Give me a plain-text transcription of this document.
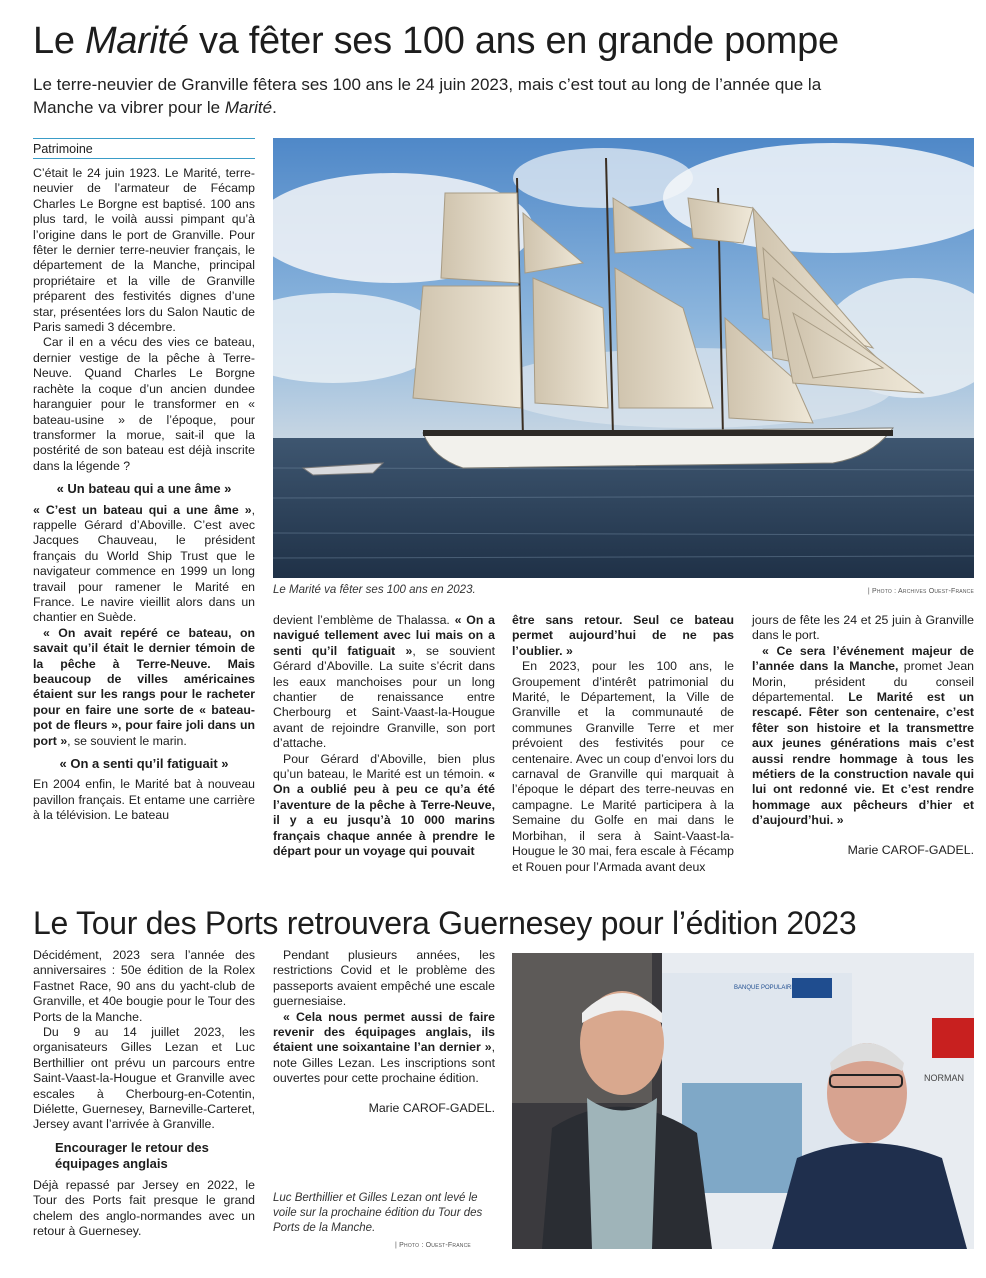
Le Marité va fêter ses 100 ans en grande pompe
Le terre-neuvier de Granville fêtera ses 100 ans le 24 juin 2023, mais c’est tout au long de l’année que la Manche va vibrer pour le Marité.
Patrimoine

C’était le 24 juin 1923. Le Marité, terre-neuvier de l’armateur de Fécamp Charles Le Borgne est baptisé. 100 ans plus tard, le voilà aussi pimpant qu’à l’origine dans le port de Granville. Pour fêter le dernier terre-neuvier français, le département de la Manche, principal propriétaire et la ville de Granville préparent des festivités dignes d’une star, présentées lors du Salon Nautic de Paris samedi 3 décembre.

Car il en a vécu des vies ce bateau, dernier vestige de la pêche à Terre-Neuve. Quand Charles Le Borgne rachète la coque d’un ancien dundee haranguier pour le transformer en « bateau-usine » de l’époque, pour transformer la morue, sait-il que la postérité de son bateau est déjà inscrite dans la légende ?

« Un bateau qui a une âme »

« C’est un bateau qui a une âme », rappelle Gérard d’Aboville. C’est avec Jacques Chauveau, le président français du World Ship Trust que le navigateur commence en 1999 un long travail pour ramener le Marité en France. Le navire vieillit alors dans un chantier en Suède.

« On avait repéré ce bateau, on savait qu’il était le dernier témoin de la pêche à Terre-Neuve. Mais beaucoup de villes américaines étaient sur les rangs pour le racheter pour en faire une sorte de « bateau-pot de fleurs », pour faire joli dans un port », se souvient le marin.

« On a senti qu’il fatiguait »

En 2004 enfin, le Marité bat à nouveau pavillon français. Et entame une carrière à la télévision. Le bateau

Le Marité va fêter ses 100 ans en 2023.	| Photo : Archives Ouest-France

devient l’emblème de Thalassa. « On a navigué tellement avec lui mais on a senti qu’il fatiguait », se souvient Gérard d’Aboville. La suite s’écrit dans les eaux manchoises pour un long chantier de renaissance entre Cherbourg et Saint-Vaast-la-Hougue avant de rejoindre Granville, son port d’attache.

Pour Gérard d’Aboville, bien plus qu’un bateau, le Marité est un témoin. « On a oublié peu à peu ce qu’a été l’aventure de la pêche à Terre-Neuve, il y a eu jusqu’à 10 000 marins français chaque année à prendre le départ pour un voyage qui pouvait

être sans retour. Seul ce bateau permet aujourd’hui de ne pas l’oublier. »

En 2023, pour les 100 ans, le Groupement d’intérêt patrimonial du Marité, le Département, la Ville de Granville et la communauté de communes Granville Terre et mer prévoient des festivités pour ce centenaire. Avec un coup d’envoi lors du carnaval de Granville qui marquait à l’époque le départ des terre-neuvas en campagne. Le Marité participera à la Semaine du Golfe en mai dans le Morbihan, il sera à Saint-Vaast-la-Hougue le 30 mai, fera escale à Fécamp et Rouen pour l’Armada avant deux

jours de fête les 24 et 25 juin à Granville dans le port.

« Ce sera l’événement majeur de l’année dans la Manche, promet Jean Morin, président du conseil départemental. Le Marité est un rescapé. Fêter son centenaire, c’est fêter son histoire et la transmettre aux jeunes générations mais c’est aussi rendre hommage à tous les métiers de la construction navale qui lui ont redonné vie. Et c’est rendre hommage aux pêcheurs d’hier et d’aujourd’hui. »

Marie CAROF-GADEL.

Le Tour des Ports retrouvera Guernesey pour l’édition 2023

Décidément, 2023 sera l’année des anniversaires : 50e édition de la Rolex Fastnet Race, 90 ans du yacht-club de Granville, et 40e bougie pour le Tour des Ports de la Manche.

Du 9 au 14 juillet 2023, les organisateurs Gilles Lezan et Luc Berthillier ont prévu un parcours entre Saint-Vaast-la-Hougue et Granville avec escales à Cherbourg-en-Cotentin, Diélette, Guernesey, Barneville-Carteret, Jersey avant l’arrivée à Granville.

Encourager le retour des équipages anglais

Déjà repassé par Jersey en 2022, le Tour des Ports fait presque le grand chelem des anglo-normandes avec un retour à Guernesey.

Pendant plusieurs années, les restrictions Covid et le problème des passeports avaient empêché une escale guernesiaise.

« Cela nous permet aussi de faire revenir des équipages anglais, ils étaient une soixantaine l’an dernier », note Gilles Lezan. Les inscriptions sont ouvertes pour cette prochaine édition.

Marie CAROF-GADEL.

Luc Berthillier et Gilles Lezan ont levé le voile sur la prochaine édition du Tour des Ports de la Manche.
| Photo : Ouest-France
BANQUE POPULAIRE
NORMAN
